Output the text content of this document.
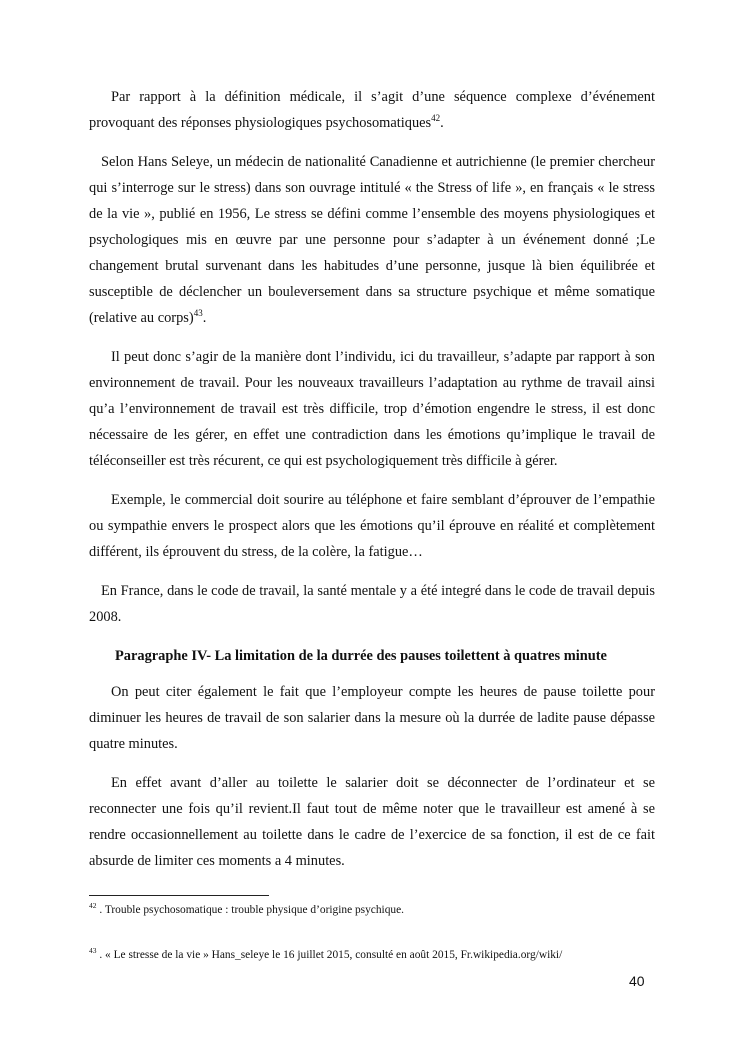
Par rapport à la définition médicale, il s’agit d’une séquence complexe d’événement provoquant des réponses physiologiques psychosomatiques$^{42}$.

Selon Hans Seleye, un médecin de nationalité Canadienne et autrichienne (le premier chercheur qui s’interroge sur le stress) dans son ouvrage intitulé « the Stress of life », en français « le stress de la vie », publié en 1956, Le stress se défini comme l’ensemble des moyens physiologiques et psychologiques mis en œuvre par une personne pour s’adapter à un événement donné ;Le changement brutal survenant dans les habitudes d’une personne, jusque là bien équilibrée et susceptible de déclencher un bouleversement dans sa structure psychique et même somatique (relative au corps)$^{43}$.

Il peut donc s’agir de la manière dont l’individu, ici du travailleur, s’adapte par rapport à son environnement de travail. Pour les nouveaux travailleurs l’adaptation au rythme de travail ainsi qu’a l’environnement de travail est très difficile, trop d’émotion engendre le stress, il est donc nécessaire de les gérer, en effet une contradiction dans les émotions qu’implique le travail de téléconseiller est très récurent, ce qui est psychologiquement très difficile à gérer.

Exemple, le commercial doit sourire au téléphone et faire semblant d’éprouver de l’empathie ou sympathie envers le prospect alors que les émotions qu’il éprouve en réalité et complètement différent, ils éprouvent du stress, de la colère, la fatigue…

En France, dans le code de travail, la santé mentale y a été integré dans le code de travail depuis 2008.

Paragraphe IV- La limitation de la durrée des pauses toilettent à quatres minute

On peut citer également le fait que l’employeur compte les heures de pause toilette pour diminuer les heures de travail de son salarier dans la mesure où la durrée de ladite pause dépasse quatre minutes.

En effet avant d’aller au toilette le salarier doit se déconnecter de l’ordinateur et se reconnecter une fois qu’il revient.Il faut tout de même noter que le travailleur est amené à se rendre occasionnellement au toilette dans le cadre de l’exercice de sa fonction, il est de ce fait absurde de limiter ces moments a 4 minutes.

$^{42}$ . Trouble psychosomatique : trouble physique d’origine psychique.
$^{43}$ . « Le stresse de la vie » Hans_seleye le 16 juillet 2015, consulté en août 2015, Fr.wikipedia.org/wiki/
40
